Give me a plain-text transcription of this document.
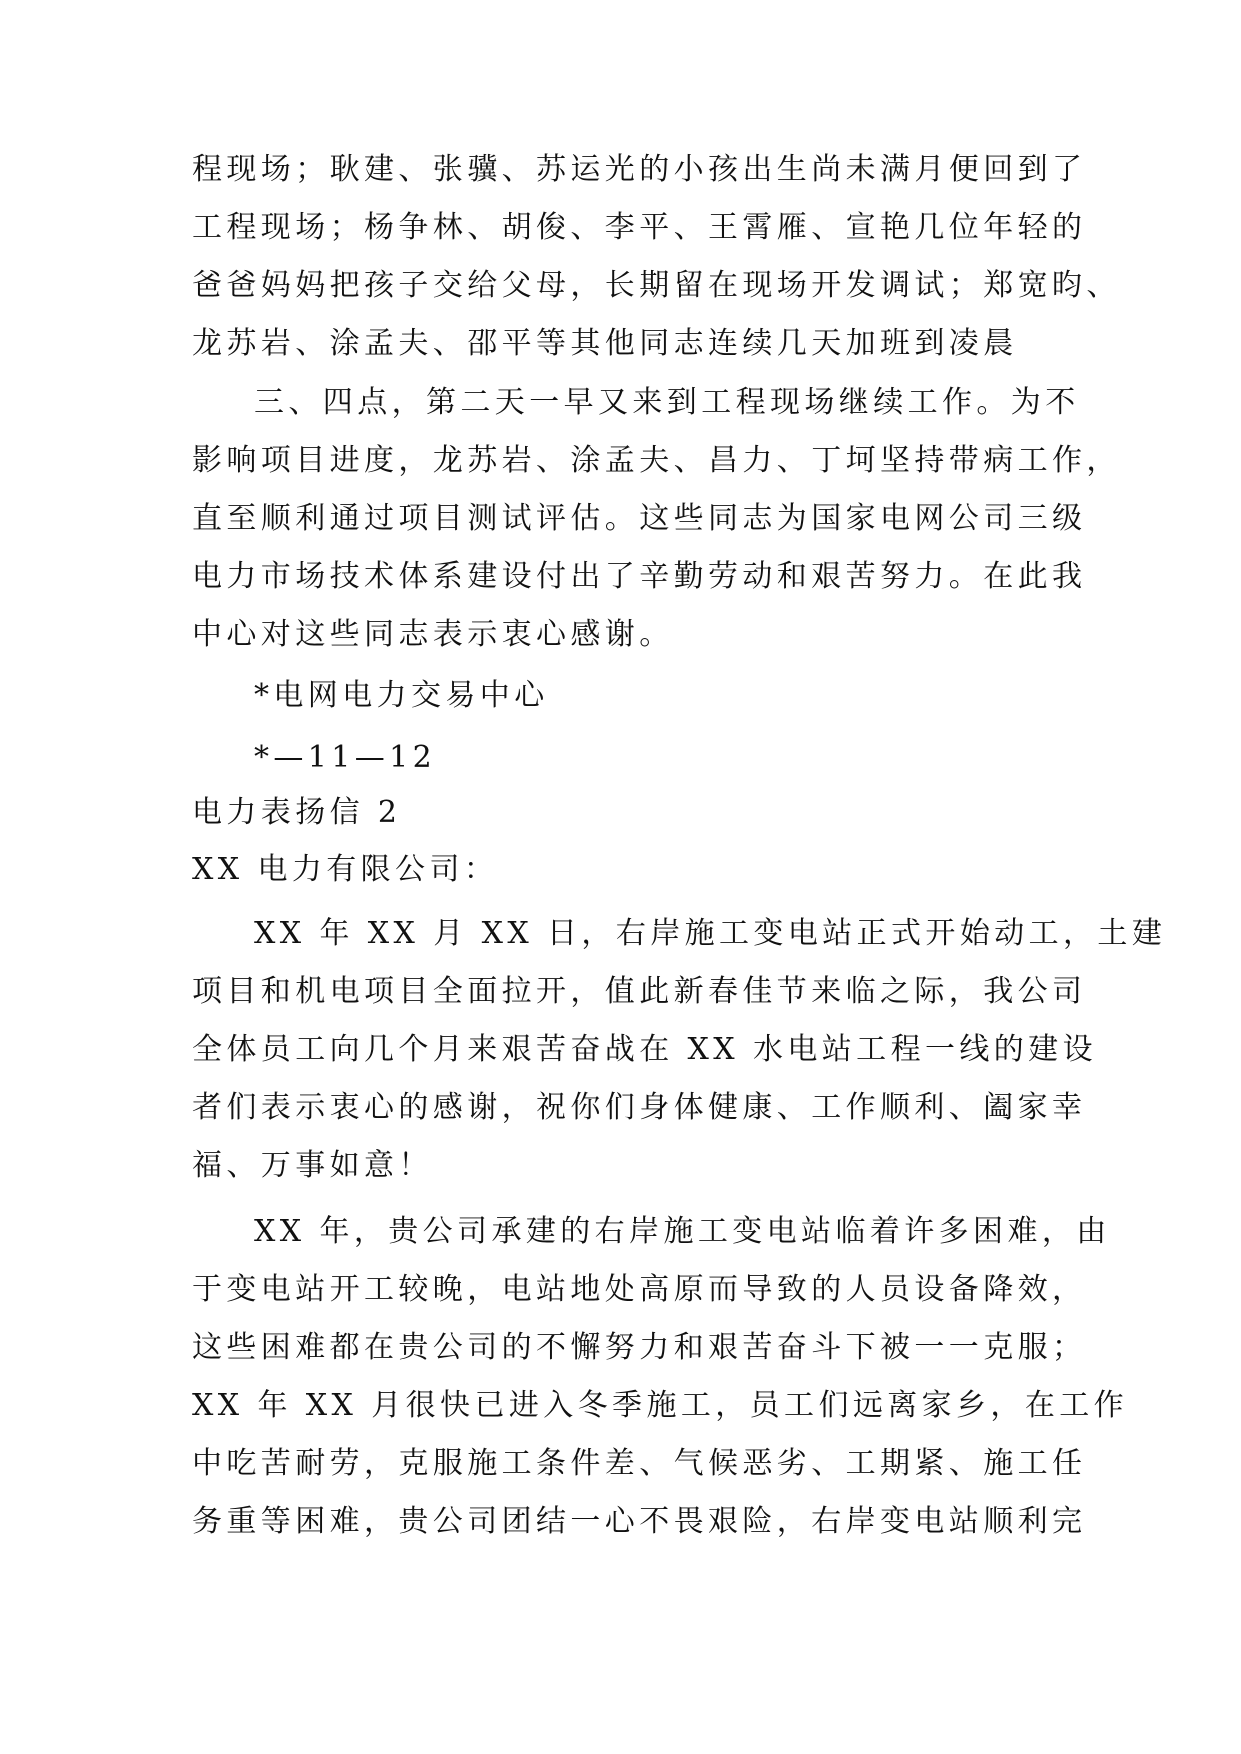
程现场；耿建、张骥、苏运光的小孩出生尚未满月便回到了
工程现场；杨争林、胡俊、李平、王霄雁、宣艳几位年轻的
爸爸妈妈把孩子交给父母，长期留在现场开发调试；郑宽昀、
龙苏岩、涂孟夫、邵平等其他同志连续几天加班到凌晨
三、四点，第二天一早又来到工程现场继续工作。为不
影响项目进度，龙苏岩、涂孟夫、昌力、丁坷坚持带病工作，
直至顺利通过项目测试评估。这些同志为国家电网公司三级
电力市场技术体系建设付出了辛勤劳动和艰苦努力。在此我
中心对这些同志表示衷心感谢。
*电网电力交易中心
*—11—12
电力表扬信 2
XX 电力有限公司：
XX 年 XX 月 XX 日，右岸施工变电站正式开始动工，土建
项目和机电项目全面拉开，值此新春佳节来临之际，我公司
全体员工向几个月来艰苦奋战在 XX 水电站工程一线的建设
者们表示衷心的感谢，祝你们身体健康、工作顺利、阖家幸
福、万事如意！
XX 年，贵公司承建的右岸施工变电站临着许多困难，由
于变电站开工较晚，电站地处高原而导致的人员设备降效，
这些困难都在贵公司的不懈努力和艰苦奋斗下被一一克服；
XX 年 XX 月很快已进入冬季施工，员工们远离家乡，在工作
中吃苦耐劳，克服施工条件差、气候恶劣、工期紧、施工任
务重等困难，贵公司团结一心不畏艰险，右岸变电站顺利完
